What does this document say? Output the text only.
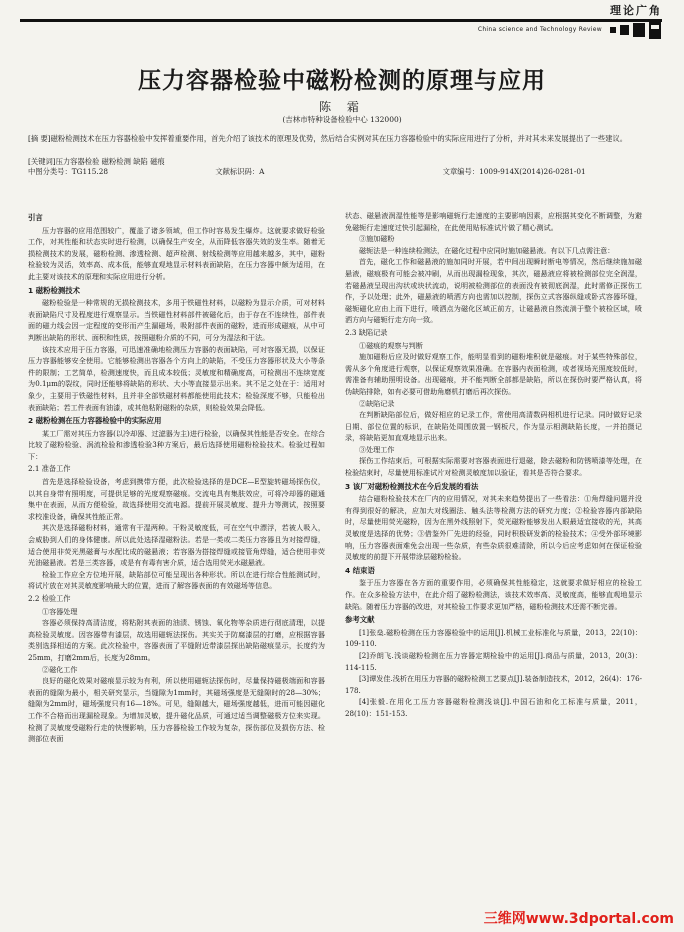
理论广角
China science and Technology Review
压力容器检验中磁粉检测的原理与应用
陈 霜
(吉林市特种设备检验中心 132000)
[摘 要]磁粉检测技术在压力容器检验中发挥着重要作用，首先介绍了该技术的原理及优势，然后结合实例对其在压力容器检验中的实际应用进行了分析，并对其未来发展提出了一些建议。
[关键词]压力容器检验 磁粉检测 缺陷 磁痕
中图分类号：TG115.28	文献标识码：A	文章编号：1009-914X(2014)26-0281-01
引言

压力容器的应用范围较广，覆盖了诸多领域，但工作时容易发生爆炸。这就要求做好检验工作，对其性能和状态实时进行检测，以确保生产安全，从而降低容器失效的发生率。随着无损检测技术的发展，磁粉检测、渗透检测、超声检测、射线检测等应用越来越多，其中，磁粉检验较为灵活，效率高、成本低，能够直观地显示材料表面缺陷，在压力容器中颇为适用，在此主要对该技术的原理和实际应用进行分析。

1 磁粉检测技术

磁粉检验是一种常规的无损检测技术，多用于铁磁性材料，以磁粉为显示介质，可对材料表面缺陷尺寸及程度进行观察显示。当铁磁性材料部件被磁化后，由于存在不连续性，部件表面的磁力线会因一定程度的变形而产生漏磁场，吸附部件表面的磁粉，进而形成磁痕，从中可判断出缺陷的形状、面积和性质，按照磁粉介质的不同，可分为湿法和干法。

该技术应用于压力容器，可迅速准确地检测压力容器的表面缺陷，可对容器无损，以保证压力容器能够安全使用。它能够检测出容器各个方向上的缺陷，不受压力容器形状及大小等条件的限制；工艺简单，检测速度快，而且成本较低；灵敏度和精确度高，可检测出不连续宽度为0.1μm的裂纹，同时还能够将缺陷的形状、大小等直接显示出来。其不足之处在于：适用对象少，主要用于铁磁性材料，且并非全部铁磁材料都能使用此技术；检验深度不够，只能检出表面缺陷；若工件表面有油漆，或其他粘附磁粉的杂质，则检验效果会降低。

2 磁粉检测在压力容器检验中的实际应用

某工厂需对其压力容器(以冷却器、过滤器为主)进行检验，以确保其性能是否安全。在综合比较了磁粉检验、涡流检验和渗透检验3种方案后，最后选择使用磁粉检验技术。检验过程如下：

2.1 准备工作

首先是选择检验设备，考虑到携带方便，此次检验选择的是DCE—E型旋转磁场探伤仪，以其自身带有照明度，可提供足够的光度观察磁痕。交流电具有集肤效应，可将冷却器的磁通集中在表面，从而方便检验，故选择使用交流电源。提前开展灵敏度、提升力等测试，按照要求校准设备，确保其性能正常。

其次是选择磁粉材料，通常有干湿两种。干粉灵敏度低，可在空气中漂浮，若被人吸入，会威胁到人们的身体健康。所以此处选择湿磁粉法。若是一类或二类压力容器且为对接焊缝，适合使用非荧光黑磁膏与水配比成的磁悬液；若容器为搭接焊缝或接管角焊缝，适合使用非荧光油磁悬液。若是三类容器，或是有有毒有害介质，适合选用荧光水磁悬液。

检验工作应全方位地开展，缺陷部位可能呈现出各种形状。所以在进行综合性能测试时，将试片放在对其灵敏度影响最大的位置，进而了解容器表面的有效磁场等信息。

2.2 检验工作

①容器处理

容器必须保持高清洁度，将粘附其表面的油渍、锈蚀、氧化物等杂质进行彻底清理，以提高检验灵敏度。因容器带有漆层，故选用磁轭法探伤。其实关于防腐漆层的打磨，应根据容器类别选择相适的方案。此次检验中，容器表面了平缝附近带漆层探出缺陷磁痕显示，长度约为25mm，打磨2mm后，长度为28mm。

②磁化工作

良好的磁化效果对磁痕显示较为有利，所以使用磁轭法探伤时，尽量保持磁极端面和容器表面的缝隙为最小，相关研究显示，当缝隙为1mm时，其磁场强度是无缝隙时的28—30%；缝隙为2mm时，磁场强度只有16—18%。可见，缝隙越大，磁场强度越低，进而可能因磁化工作不合格而出现漏检现象。为增加灵敏，提升磁化品质，可通过适当调整磁极方位来实现。检测了灵敏度受磁粉行走的快慢影响，压力容器检验工作较为复杂，探伤部位及损伤方法、检测部位表面

状态、磁悬液润湿性能等是影响磁轭行走速度的主要影响因素，应根据其变化不断调整，为避免磁轭行走速度过快引起漏检，在此使用贴标准试片做了精心测试。

③施加磁粉

磁轭法是一种连续检测法，在磁化过程中应同时施加磁悬液。有以下几点需注意：

首先，磁化工作和磁悬液的施加同时开展，若中间出现瞬时断电等情况，然后继续施加磁悬液，磁痕极有可能会被冲刷，从而出现漏检现象，其次，磁悬液应将被检测部位完全润湿，若磁悬液呈现出沟状或块状流动，说明被检测部位的表面没有被彻底润湿，此时需修正探伤工作，予以处理；此外，磁悬液的喷洒方向也需加以控制，探伤立式容器纵缝或卧式容器环缝，磁轭磁化应由上而下进行，喷洒点为磁化区域正前方，让磁悬液自然流淌于整个被检区域，喷洒方向与磁轭行走方向一致。

2.3 缺陷记录

①磁痕的观察与判断

施加磁粉后应及时做好观察工作，能明显看到的磁粉堆积就是磁痕。对于某些特殊部位，需从多个角度进行观察，以保证观察效果准确。在容器内表面检测，或者视场光照度较低时，需准备有辅助照明设备。出现磁痕，并不能判断全部都是缺陷，所以在探伤时要严格认真，将伪缺陷排除，如有必要可借助角磨机打磨后再次探伤。

②缺陷记录

在判断缺陷部位后，做好相应的记录工作，常使用高清数码相机进行记录。同时做好记录日期、部位位置的标识，在缺陷处周围放置一钢板尺，作为显示相测缺陷长度，一并拍摄记录，将缺陷更加直观地显示出来。

③处理工作

探伤工作结束后，可根据实际需要对容器表面进行退磁，除去磁粉和防锈喷漆等处理，在检验结束时，尽量使用标准试片对检测灵敏度加以验证，看其是否符合要求。

3 该厂对磁粉检测技术在今后发展的看法

结合磁粉检验技术在厂内的应用情况，对其未来趋势提出了一些看法：①角焊缝问题并没有得到很好的解决，应加大对线圈法、触头法等检测方法的研究力度；②检验容器内部缺陷时，尽量使用荧光磁粉，因为在黑外线照射下，荧光磁粉能够发出人眼最适宜接收的光，其高灵敏度是选择的优势；③借鉴外厂先进的经验，同时积极研发新的检验技术；④受外部环境影响，压力容器表面难免会出现一些杂质，有些杂质很难清除，所以今后应考虑如何在保证检验灵敏度的前提下开展带涂层磁粉检验。

4 结束语

鉴于压力容器在各方面的重要作用，必须确保其性能稳定，这就要求做好相应的检验工作。在众多检验方法中，在此介绍了磁粉检测法，该技术效率高、灵敏度高，能够直观地显示缺陷。随着压力容器的改进，对其检验工作要求更加严格，磁粉检测技术还需不断完善。

参考文献

[1]张燊.磁粉检测在压力容器检验中的运用[J].机械工业标准化与质量，2013，22(10)：109-110.

[2]乔朗飞.浅谈磁粉检测在压力容器定期检验中的运用[J].商品与质量，2013，20(3)：114-115.

[3]谭发佳.浅析在用压力容器的磁粉检测工艺要点[J].装备制造技术，2012，26(4)：176-178.

[4]张毅.在用化工压力容器磁粉检测浅谈[J].中国石油和化工标准与质量，2011，28(10)：151-153.

三维网www.3dportal.com
